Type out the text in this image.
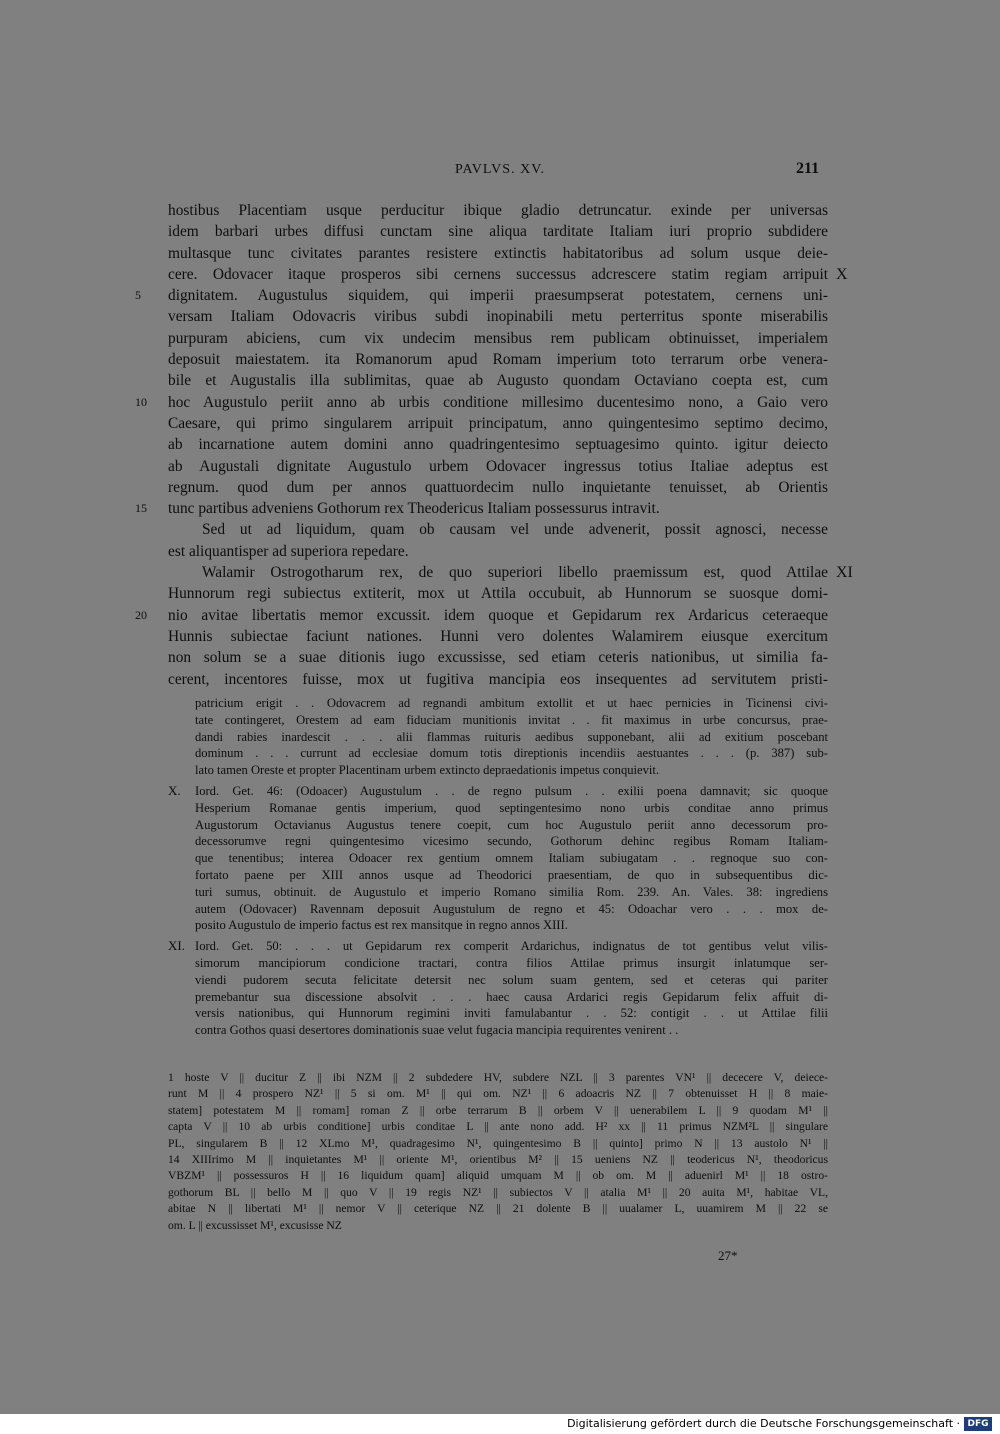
PAVLVS. XV.	211
hostibus Placentiam usque perducitur ibique gladio detruncatur. exinde per universas
idem barbari urbes diffusi cunctam sine aliqua tarditate Italiam iuri proprio subdidere
multasque tunc civitates parantes resistere extinctis habitatoribus ad solum usque deie-
cere. Odovacer itaque prosperos sibi cernens successus adcrescere statim regiam arripuit X
5	dignitatem. Augustulus siquidem, qui imperii praesumpserat potestatem, cernens uni-
versam Italiam Odovacris viribus subdi inopinabili metu perterritus sponte miserabilis
purpuram abiciens, cum vix undecim mensibus rem publicam obtinuisset, imperialem
deposuit maiestatem. ita Romanorum apud Romam imperium toto terrarum orbe venera-
bile et Augustalis illa sublimitas, quae ab Augusto quondam Octaviano coepta est, cum
10	hoc Augustulo periit anno ab urbis conditione millesimo ducentesimo nono, a Gaio vero
Caesare, qui primo singularem arripuit principatum, anno quingentesimo septimo decimo,
ab incarnatione autem domini anno quadringentesimo septuagesimo quinto. igitur deiecto
ab Augustali dignitate Augustulo urbem Odovacer ingressus totius Italiae adeptus est
regnum. quod dum per annos quattuordecim nullo inquietante tenuisset, ab Orientis
15	tunc partibus adveniens Gothorum rex Theodericus Italiam possessurus intravit.
Sed ut ad liquidum, quam ob causam vel unde advenerit, possit agnosci, necesse
est aliquantisper ad superiora repedare.
Walamir Ostrogotharum rex, de quo superiori libello praemissum est, quod Attilae XI
Hunnorum regi subiectus extiterit, mox ut Attila occubuit, ab Hunnorum se suosque domi-
20	nio avitae libertatis memor excussit. idem quoque et Gepidarum rex Ardaricus ceteraeque
Hunnis subiectae faciunt nationes. Hunni vero dolentes Walamirem eiusque exercitum
non solum se a suae ditionis iugo excussisse, sed etiam ceteris nationibus, ut similia fa-
cerent, incentores fuisse, mox ut fugitiva mancipia eos insequentes ad servitutem pristi-
patricium erigit . . Odovacrem ad regnandi ambitum extollit et ut haec pernicies in Ticinensi civi-
tate contingeret, Orestem ad eam fiduciam munitionis invitat . . fit maximus in urbe concursus, prae-
dandi rabies inardescit . . . alii flammas ruituris aedibus supponebant, alii ad exitium poscebant
dominum . . . currunt ad ecclesiae domum totis direptionis incendiis aestuantes . . . (p. 387) sub-
lato tamen Oreste et propter Placentinam urbem extincto depraedationis impetus conquievit.
X.	Iord. Get. 46: (Odoacer) Augustulum . . de regno pulsum . . exilii poena damnavit; sic quoque
Hesperium Romanae gentis imperium, quod septingentesimo nono urbis conditae anno primus
Augustorum Octavianus Augustus tenere coepit, cum hoc Augustulo periit anno decessorum pro-
decessorumve regni quingentesimo vicesimo secundo, Gothorum dehinc regibus Romam Italiam-
que tenentibus; interea Odoacer rex gentium omnem Italiam subiugatam . . regnoque suo con-
fortato paene per XIII annos usque ad Theodorici praesentiam, de quo in subsequentibus dic-
turi sumus, obtinuit. de Augustulo et imperio Romano similia Rom. 239. An. Vales. 38: ingrediens
autem (Odovacer) Ravennam deposuit Augustulum de regno et 45: Odoachar vero . . . mox de-
posito Augustulo de imperio factus est rex mansitque in regno annos XIII.
XI. Iord. Get. 50: . . . ut Gepidarum rex comperit Ardarichus, indignatus de tot gentibus velut vilis-
simorum mancipiorum condicione tractari, contra filios Attilae primus insurgit inlatumque ser-
viendi pudorem secuta felicitate detersit nec solum suam gentem, sed et ceteras qui pariter
premebantur sua discessione absolvit . . . haec causa Ardarici regis Gepidarum felix affuit di-
versis nationibus, qui Hunnorum regimini inviti famulabantur . . 52: contigit . . ut Attilae filii
contra Gothos quasi desertores dominationis suae velut fugacia mancipia requirentes venirent . .
1 hoste V || ducitur Z || ibi NZM || 2 subdedere HV, subdere NZL || 3 parentes VN¹ || dececere V, deiece-
runt M || 4 prospero NZ¹ || 5 si om. M¹ || qui om. NZ¹ || 6 adoacris NZ || 7 obtenuisset H || 8 maie-
statem] potestatem M || romam] roman Z || orbe terrarum B || orbem V || uenerabilem L || 9 quodam M¹ ||
capta V || 10 ab urbis conditione] urbis conditae L || ante nono add. H² xx || 11 primus NZM²L || singulare
PL, singularem B || 12 XLmo M¹, quadragesimo N¹, quingentesimo B || quinto] primo N || 13 austolo N¹ ||
14 XIIIrimo M || inquietantes M¹ || oriente M¹, orientibus M² || 15 ueniens NZ || teodericus N¹, theodoricus
VBZM¹ || possessuros H || 16 liquidum quam] aliquid umquam M || ob om. M || aduenirl M¹ || 18 ostro-
gothorum BL || bello M || quo V || 19 regis NZ¹ || subiectos V || atalia M¹ || 20 auita M¹, habitae VL,
abitae N || libertati M¹ || nemor V || ceterique NZ || 21 dolente B || uualamer L, uuamirem M || 22 se
om. L || excussisset M¹, excusisse NZ
27*
Digitalisierung gefördert durch die Deutsche Forschungsgemeinschaft · DFG
